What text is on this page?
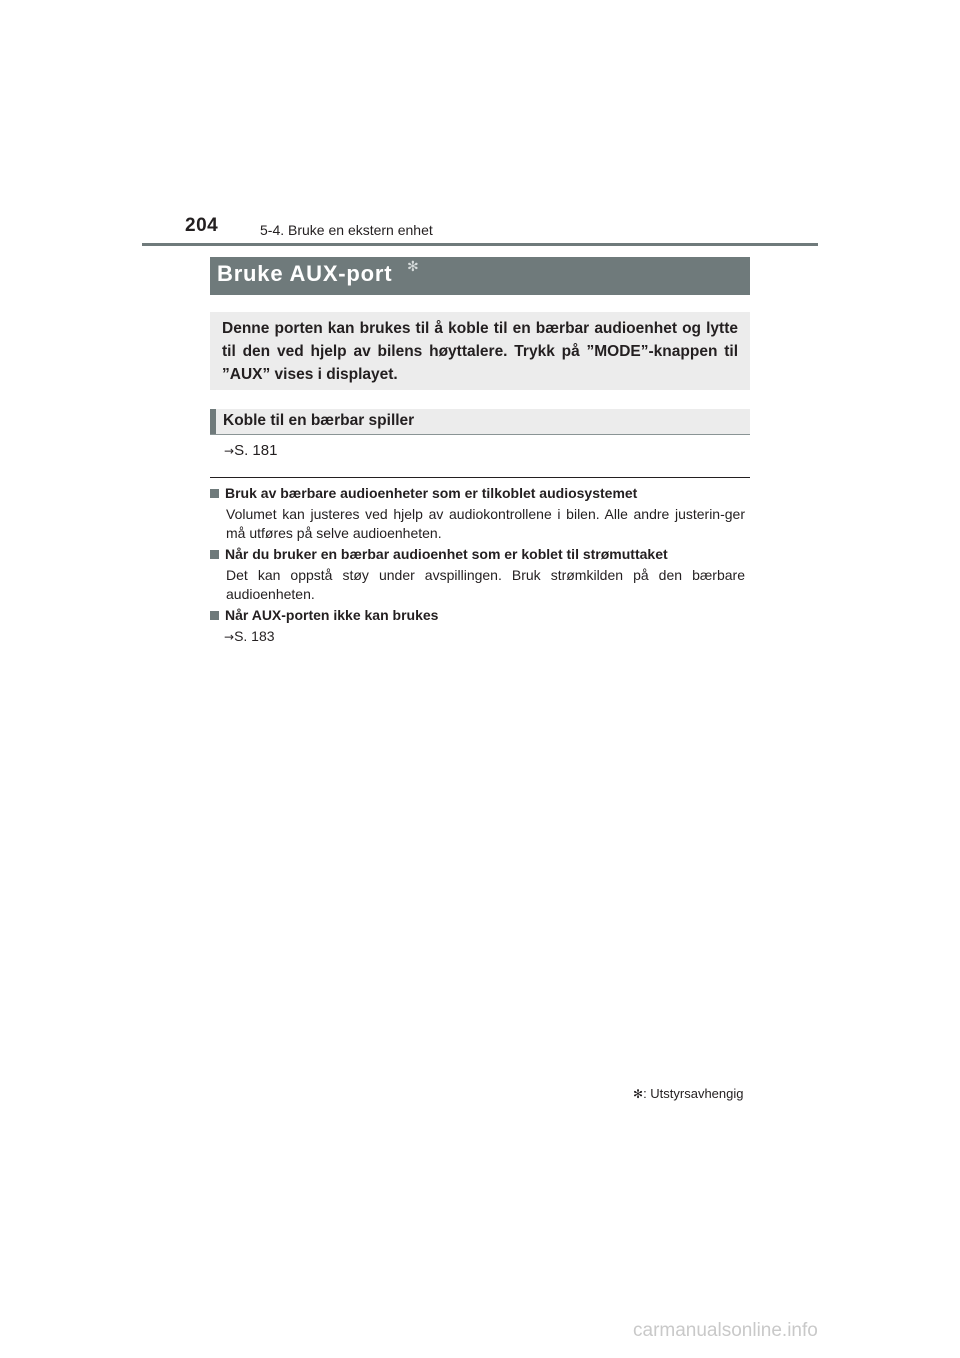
204	5-4. Bruke en ekstern enhet
Bruke AUX-port ✻
Denne porten kan brukes til å koble til en bærbar audioenhet og lytte til den ved hjelp av bilens høyttalere. Trykk på ”MODE”-knappen til ”AUX” vises i displayet.
Koble til en bærbar spiller
→S. 181
Bruk av bærbare audioenheter som er tilkoblet audiosystemet
Volumet kan justeres ved hjelp av audiokontrollene i bilen. Alle andre justerin-ger må utføres på selve audioenheten.
Når du bruker en bærbar audioenhet som er koblet til strømuttaket
Det kan oppstå støy under avspillingen. Bruk strømkilden på den bærbare audioenheten.
Når AUX-porten ikke kan brukes
→S. 183
✻: Utstyrsavhengig
carmanualsonline.info
